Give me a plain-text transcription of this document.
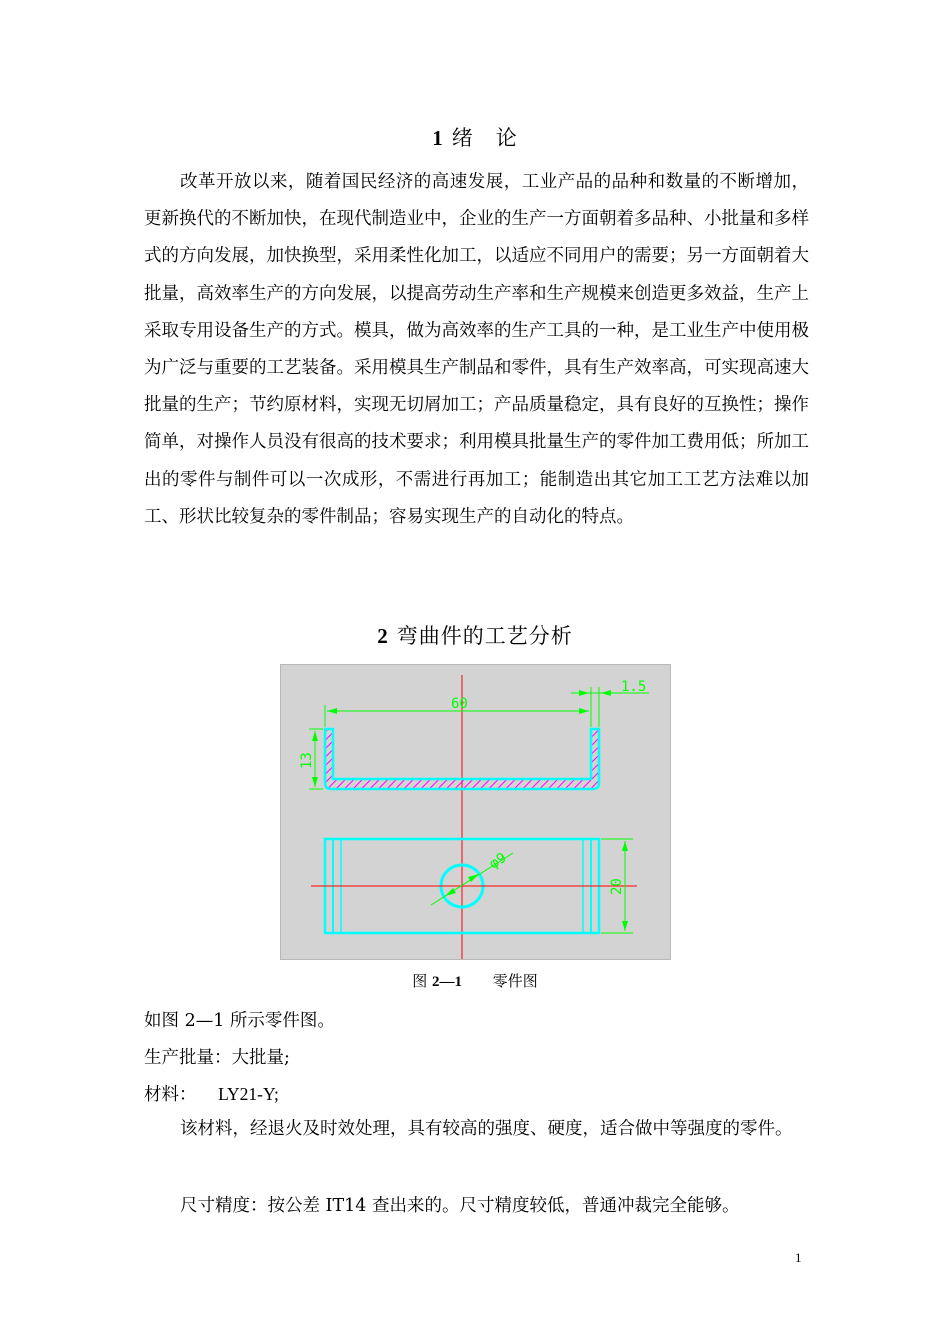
1 绪　论
改革开放以来，随着国民经济的高速发展，工业产品的品种和数量的不断增加，更新换代的不断加快，在现代制造业中，企业的生产一方面朝着多品种、小批量和多样式的方向发展，加快换型，采用柔性化加工，以适应不同用户的需要；另一方面朝着大批量，高效率生产的方向发展，以提高劳动生产率和生产规模来创造更多效益，生产上采取专用设备生产的方式。模具，做为高效率的生产工具的一种，是工业生产中使用极为广泛与重要的工艺装备。采用模具生产制品和零件，具有生产效率高，可实现高速大批量的生产；节约原材料，实现无切屑加工；产品质量稳定，具有良好的互换性；操作简单，对操作人员没有很高的技术要求；利用模具批量生产的零件加工费用低；所加工出的零件与制件可以一次成形，不需进行再加工；能制造出其它加工工艺方法难以加工、形状比较复杂的零件制品；容易实现生产的自动化的特点。
2 弯曲件的工艺分析
60
1.5
13
φ9
20
图 2—1 零件图
如图 2—1 所示零件图。
生产批量：大批量;
材料： LY21-Y;
该材料，经退火及时效处理，具有较高的强度、硬度，适合做中等强度的零件。
尺寸精度：按公差 IT14 查出来的。尺寸精度较低，普通冲裁完全能够。
1
